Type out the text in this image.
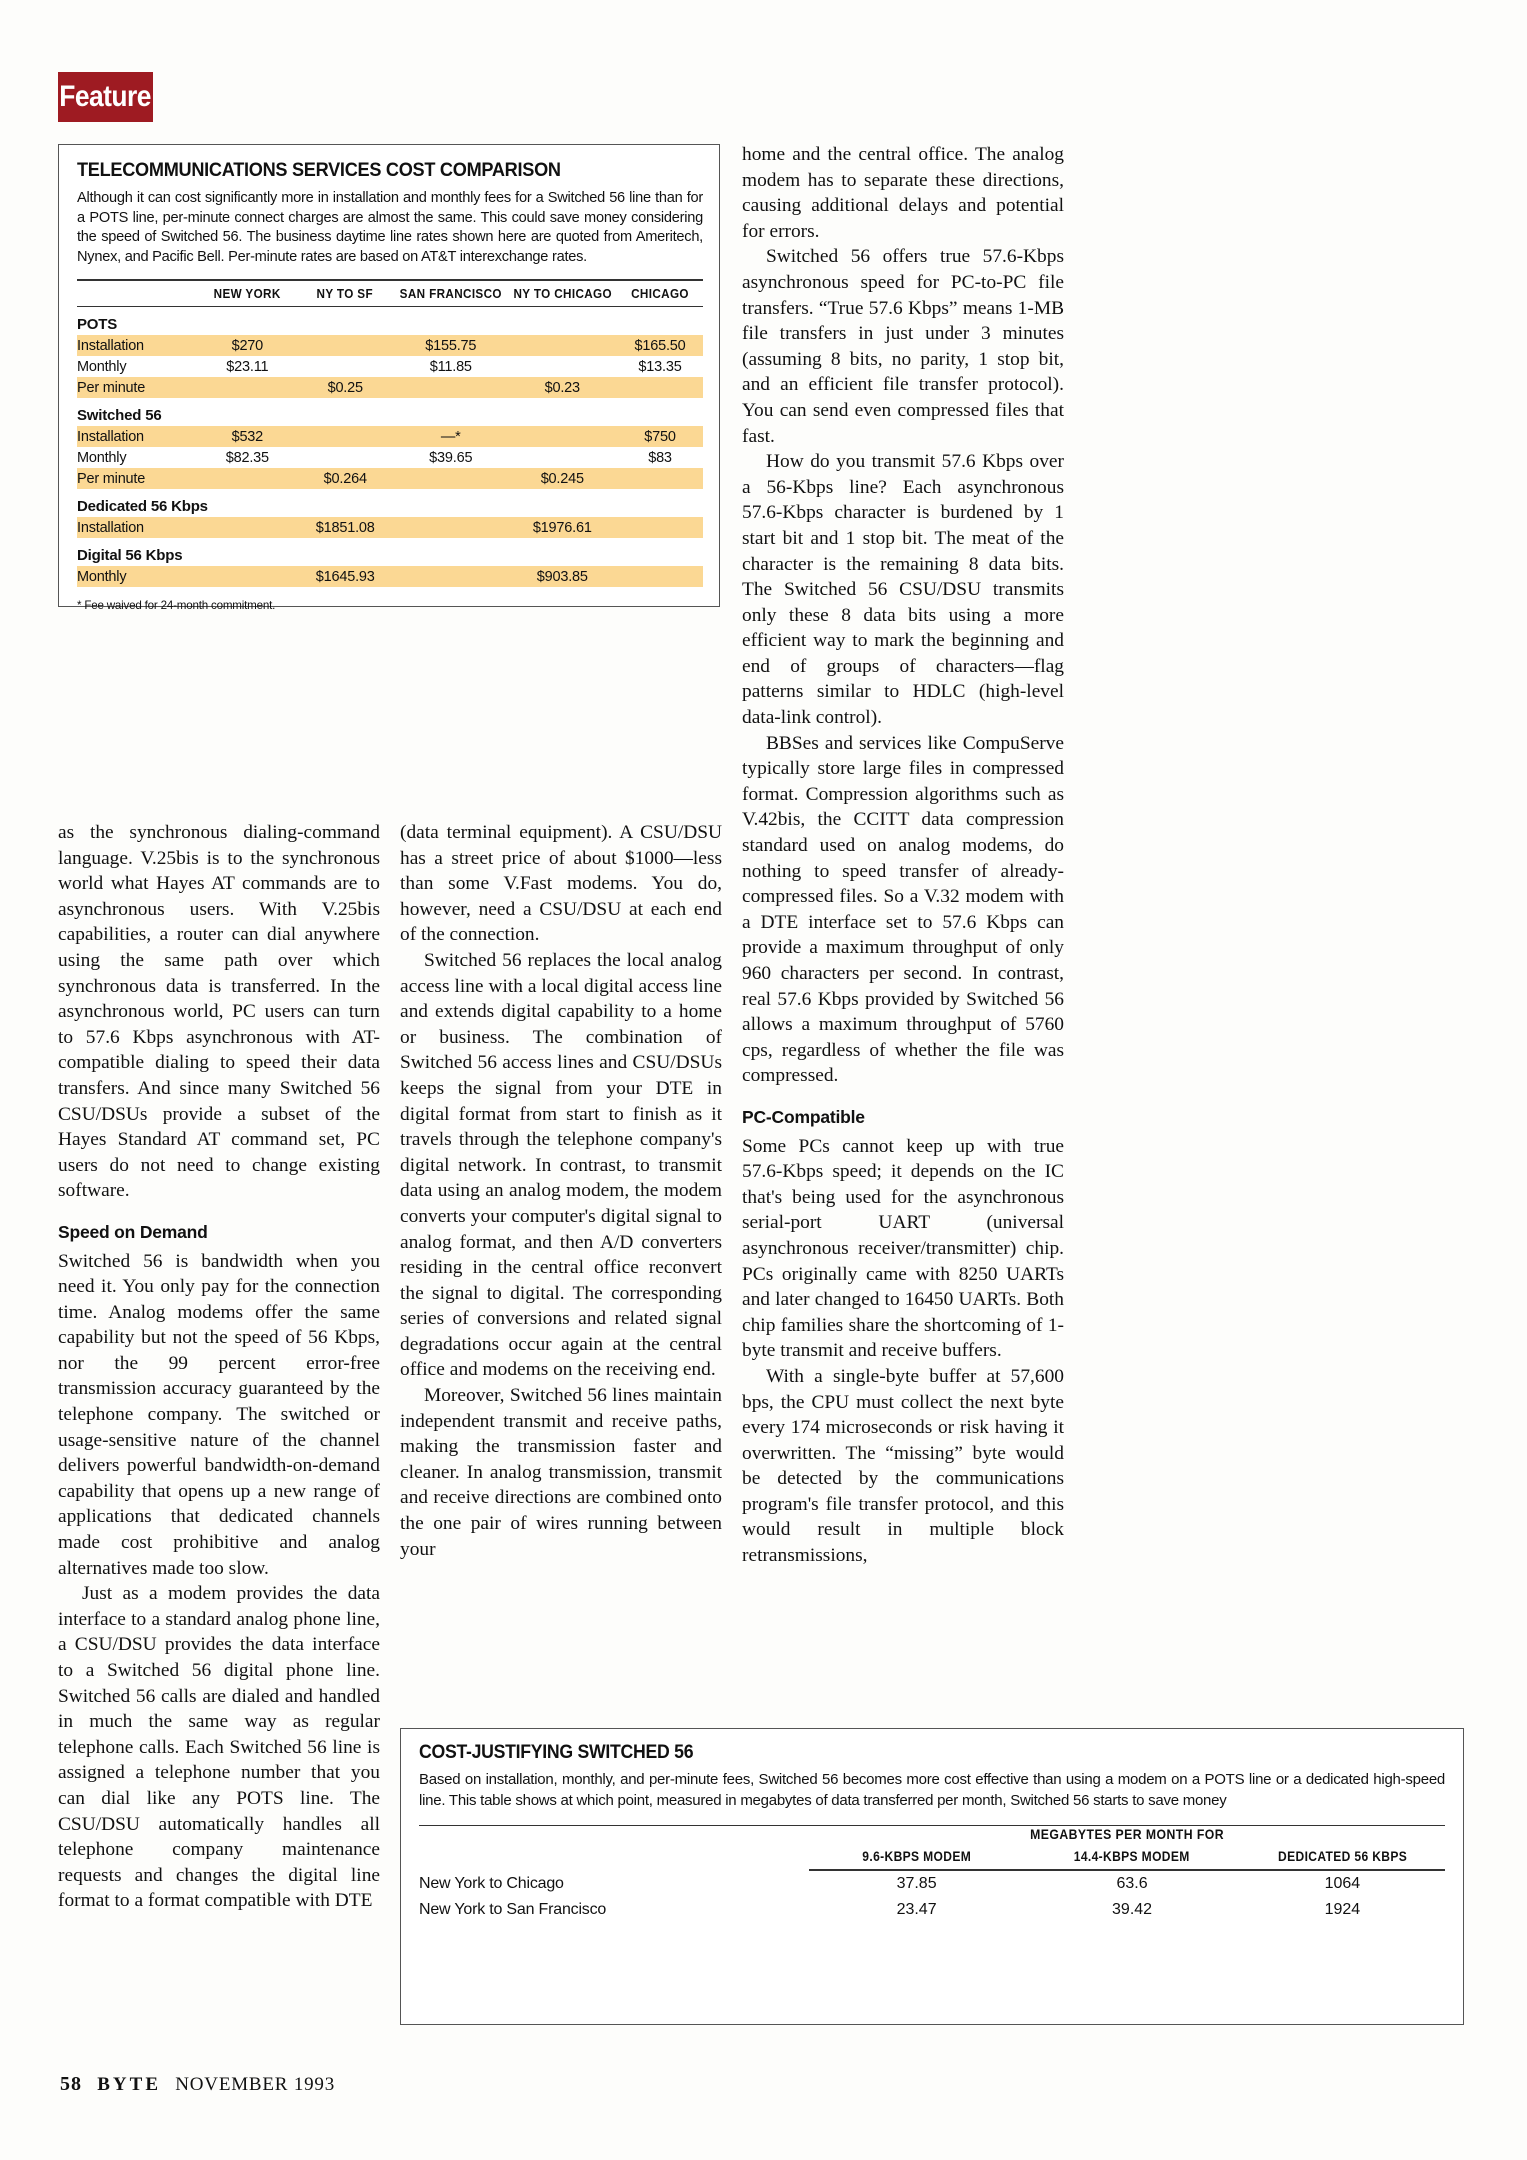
Feature
TELECOMMUNICATIONS SERVICES COST COMPARISON
Although it can cost significantly more in installation and monthly fees for a Switched 56 line than for a POTS line, per-minute connect charges are almost the same. This could save money considering the speed of Switched 56. The business daytime line rates shown here are quoted from Ameritech, Nynex, and Pacific Bell. Per-minute rates are based on AT&T interexchange rates.
	NEW YORK	NY TO SF	SAN FRANCISCO	NY TO CHICAGO	CHICAGO
POTS					
Installation	$270		$155.75		$165.50
Monthly	$23.11		$11.85		$13.35
Per minute		$0.25		$0.23	
Switched 56					
Installation	$532		—*		$750
Monthly	$82.35		$39.65		$83
Per minute		$0.264		$0.245	
Dedicated 56 Kbps					
Installation		$1851.08		$1976.61	
Digital 56 Kbps					
Monthly		$1645.93		$903.85	
* Fee waived for 24-month commitment.

as the synchronous dialing-command language. V.25bis is to the synchronous world what Hayes AT commands are to asynchronous users. With V.25bis capabilities, a router can dial anywhere using the same path over which synchronous data is transferred. In the asynchronous world, PC users can turn to 57.6 Kbps asynchronous with AT-compatible dialing to speed their data transfers. And since many Switched 56 CSU/DSUs provide a subset of the Hayes Standard AT command set, PC users do not need to change existing software.

Speed on Demand

Switched 56 is bandwidth when you need it. You only pay for the connection time. Analog modems offer the same capability but not the speed of 56 Kbps, nor the 99 percent error-free transmission accuracy guaranteed by the telephone company. The switched or usage-sensitive nature of the channel delivers powerful bandwidth-on-demand capability that opens up a new range of applications that dedicated channels made cost prohibitive and analog alternatives made too slow.

Just as a modem provides the data interface to a standard analog phone line, a CSU/DSU provides the data interface to a Switched 56 digital phone line. Switched 56 calls are dialed and handled in much the same way as regular telephone calls. Each Switched 56 line is assigned a telephone number that you can dial like any POTS line. The CSU/DSU automatically handles all telephone company maintenance requests and changes the digital line format to a format compatible with DTE

(data terminal equipment). A CSU/DSU has a street price of about $1000—less than some V.Fast modems. You do, however, need a CSU/DSU at each end of the connection.

Switched 56 replaces the local analog access line with a local digital access line and extends digital capability to a home or business. The combination of Switched 56 access lines and CSU/DSUs keeps the signal from your DTE in digital format from start to finish as it travels through the telephone company's digital network. In contrast, to transmit data using an analog modem, the modem converts your computer's digital signal to analog format, and then A/D converters residing in the central office reconvert the signal to digital. The corresponding series of conversions and related signal degradations occur again at the central office and modems on the receiving end.

Moreover, Switched 56 lines maintain independent transmit and receive paths, making the transmission faster and cleaner. In analog transmission, transmit and receive directions are combined onto the one pair of wires running between your

home and the central office. The analog modem has to separate these directions, causing additional delays and potential for errors.

Switched 56 offers true 57.6-Kbps asynchronous speed for PC-to-PC file transfers. “True 57.6 Kbps” means 1-MB file transfers in just under 3 minutes (assuming 8 bits, no parity, 1 stop bit, and an efficient file transfer protocol). You can send even compressed files that fast.

How do you transmit 57.6 Kbps over a 56-Kbps line? Each asynchronous 57.6-Kbps character is burdened by 1 start bit and 1 stop bit. The meat of the character is the remaining 8 data bits. The Switched 56 CSU/DSU transmits only these 8 data bits using a more efficient way to mark the beginning and end of groups of characters—flag patterns similar to HDLC (high-level data-link control).

BBSes and services like CompuServe typically store large files in compressed format. Compression algorithms such as V.42bis, the CCITT data compression standard used on analog modems, do nothing to speed transfer of already-compressed files. So a V.32 modem with a DTE interface set to 57.6 Kbps can provide a maximum throughput of only 960 characters per second. In contrast, real 57.6 Kbps provided by Switched 56 allows a maximum throughput of 5760 cps, regardless of whether the file was compressed.

PC-Compatible

Some PCs cannot keep up with true 57.6-Kbps speed; it depends on the IC that's being used for the asynchronous serial-port UART (universal asynchronous receiver/transmitter) chip. PCs originally came with 8250 UARTs and later changed to 16450 UARTs. Both chip families share the shortcoming of 1-byte transmit and receive buffers.

With a single-byte buffer at 57,600 bps, the CPU must collect the next byte every 174 microseconds or risk having it overwritten. The “missing” byte would be detected by the communications program's file transfer protocol, and this would result in multiple block retransmissions,

COST-JUSTIFYING SWITCHED 56
Based on installation, monthly, and per-minute fees, Switched 56 becomes more cost effective than using a modem on a POTS line or a dedicated high-speed line. This table shows at which point, measured in megabytes of data transferred per month, Switched 56 starts to save money
		MEGABYTES PER MONTH FOR		
		9.6-KBPS MODEM	14.4-KBPS MODEM	DEDICATED 56 KBPS
New York to Chicago		37.85	63.6	1064
New York to San Francisco		23.47	39.42	1924
58 BYTE NOVEMBER 1993
